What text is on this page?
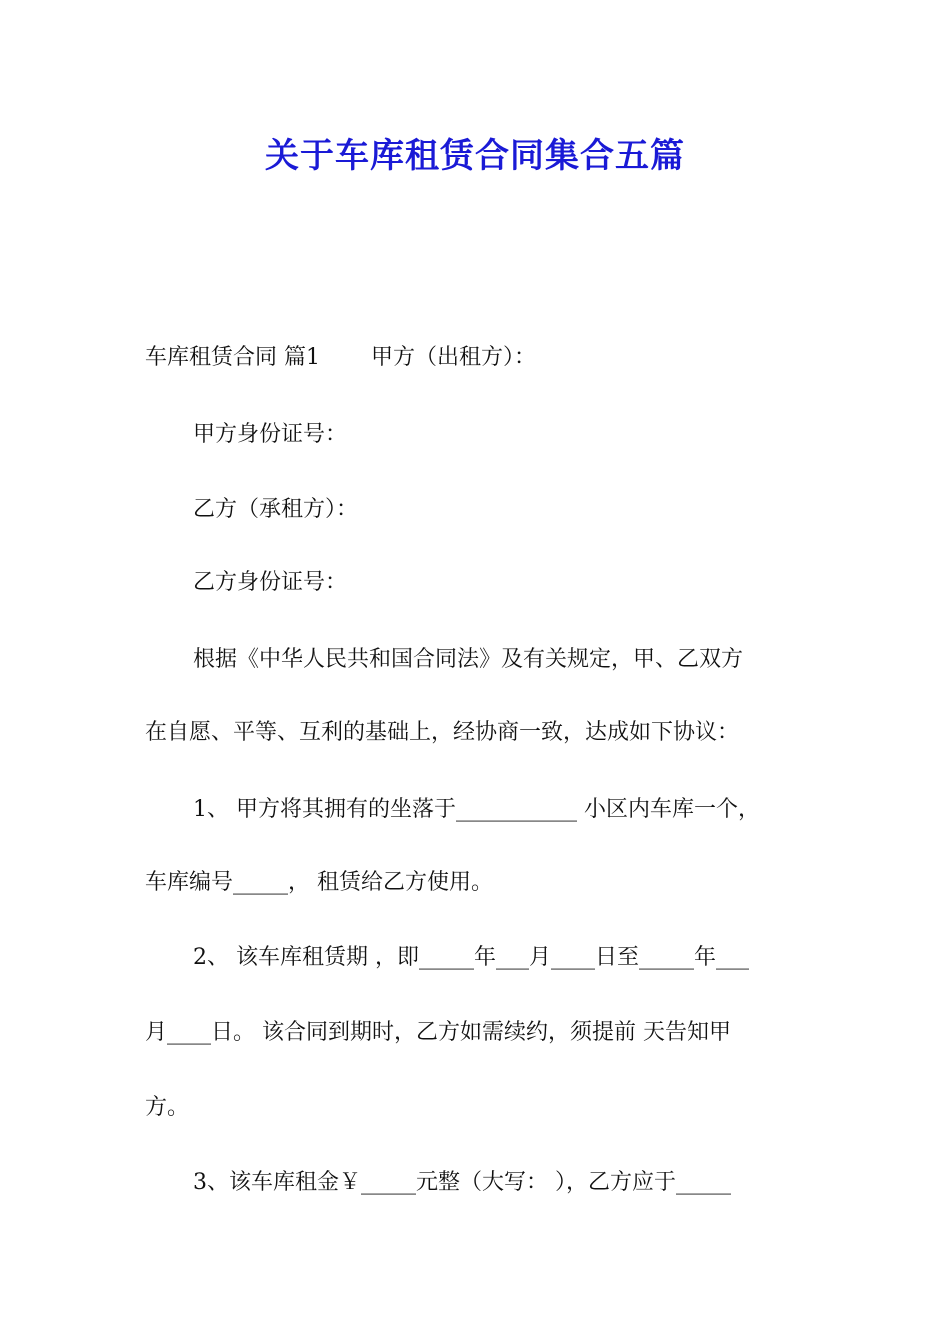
关于车库租赁合同集合五篇
车库租赁合同 篇1　　 甲方（出租方）：
甲方身份证号：
乙方（承租方）：
乙方身份证号：
根据《中华人民共和国合同法》及有关规定，甲、乙双方
在自愿、平等、互利的基础上，经协商一致，达成如下协议：
1、 甲方将其拥有的坐落于___________ 小区内车库一个，
车库编号_____， 租赁给乙方使用。
2、 该车库租赁期 ，即_____年___月____日至_____年___
月____日。 该合同到期时，乙方如需续约，须提前 天告知甲
方。
3、该车库租金￥_____元整（大写： ），乙方应于_____
